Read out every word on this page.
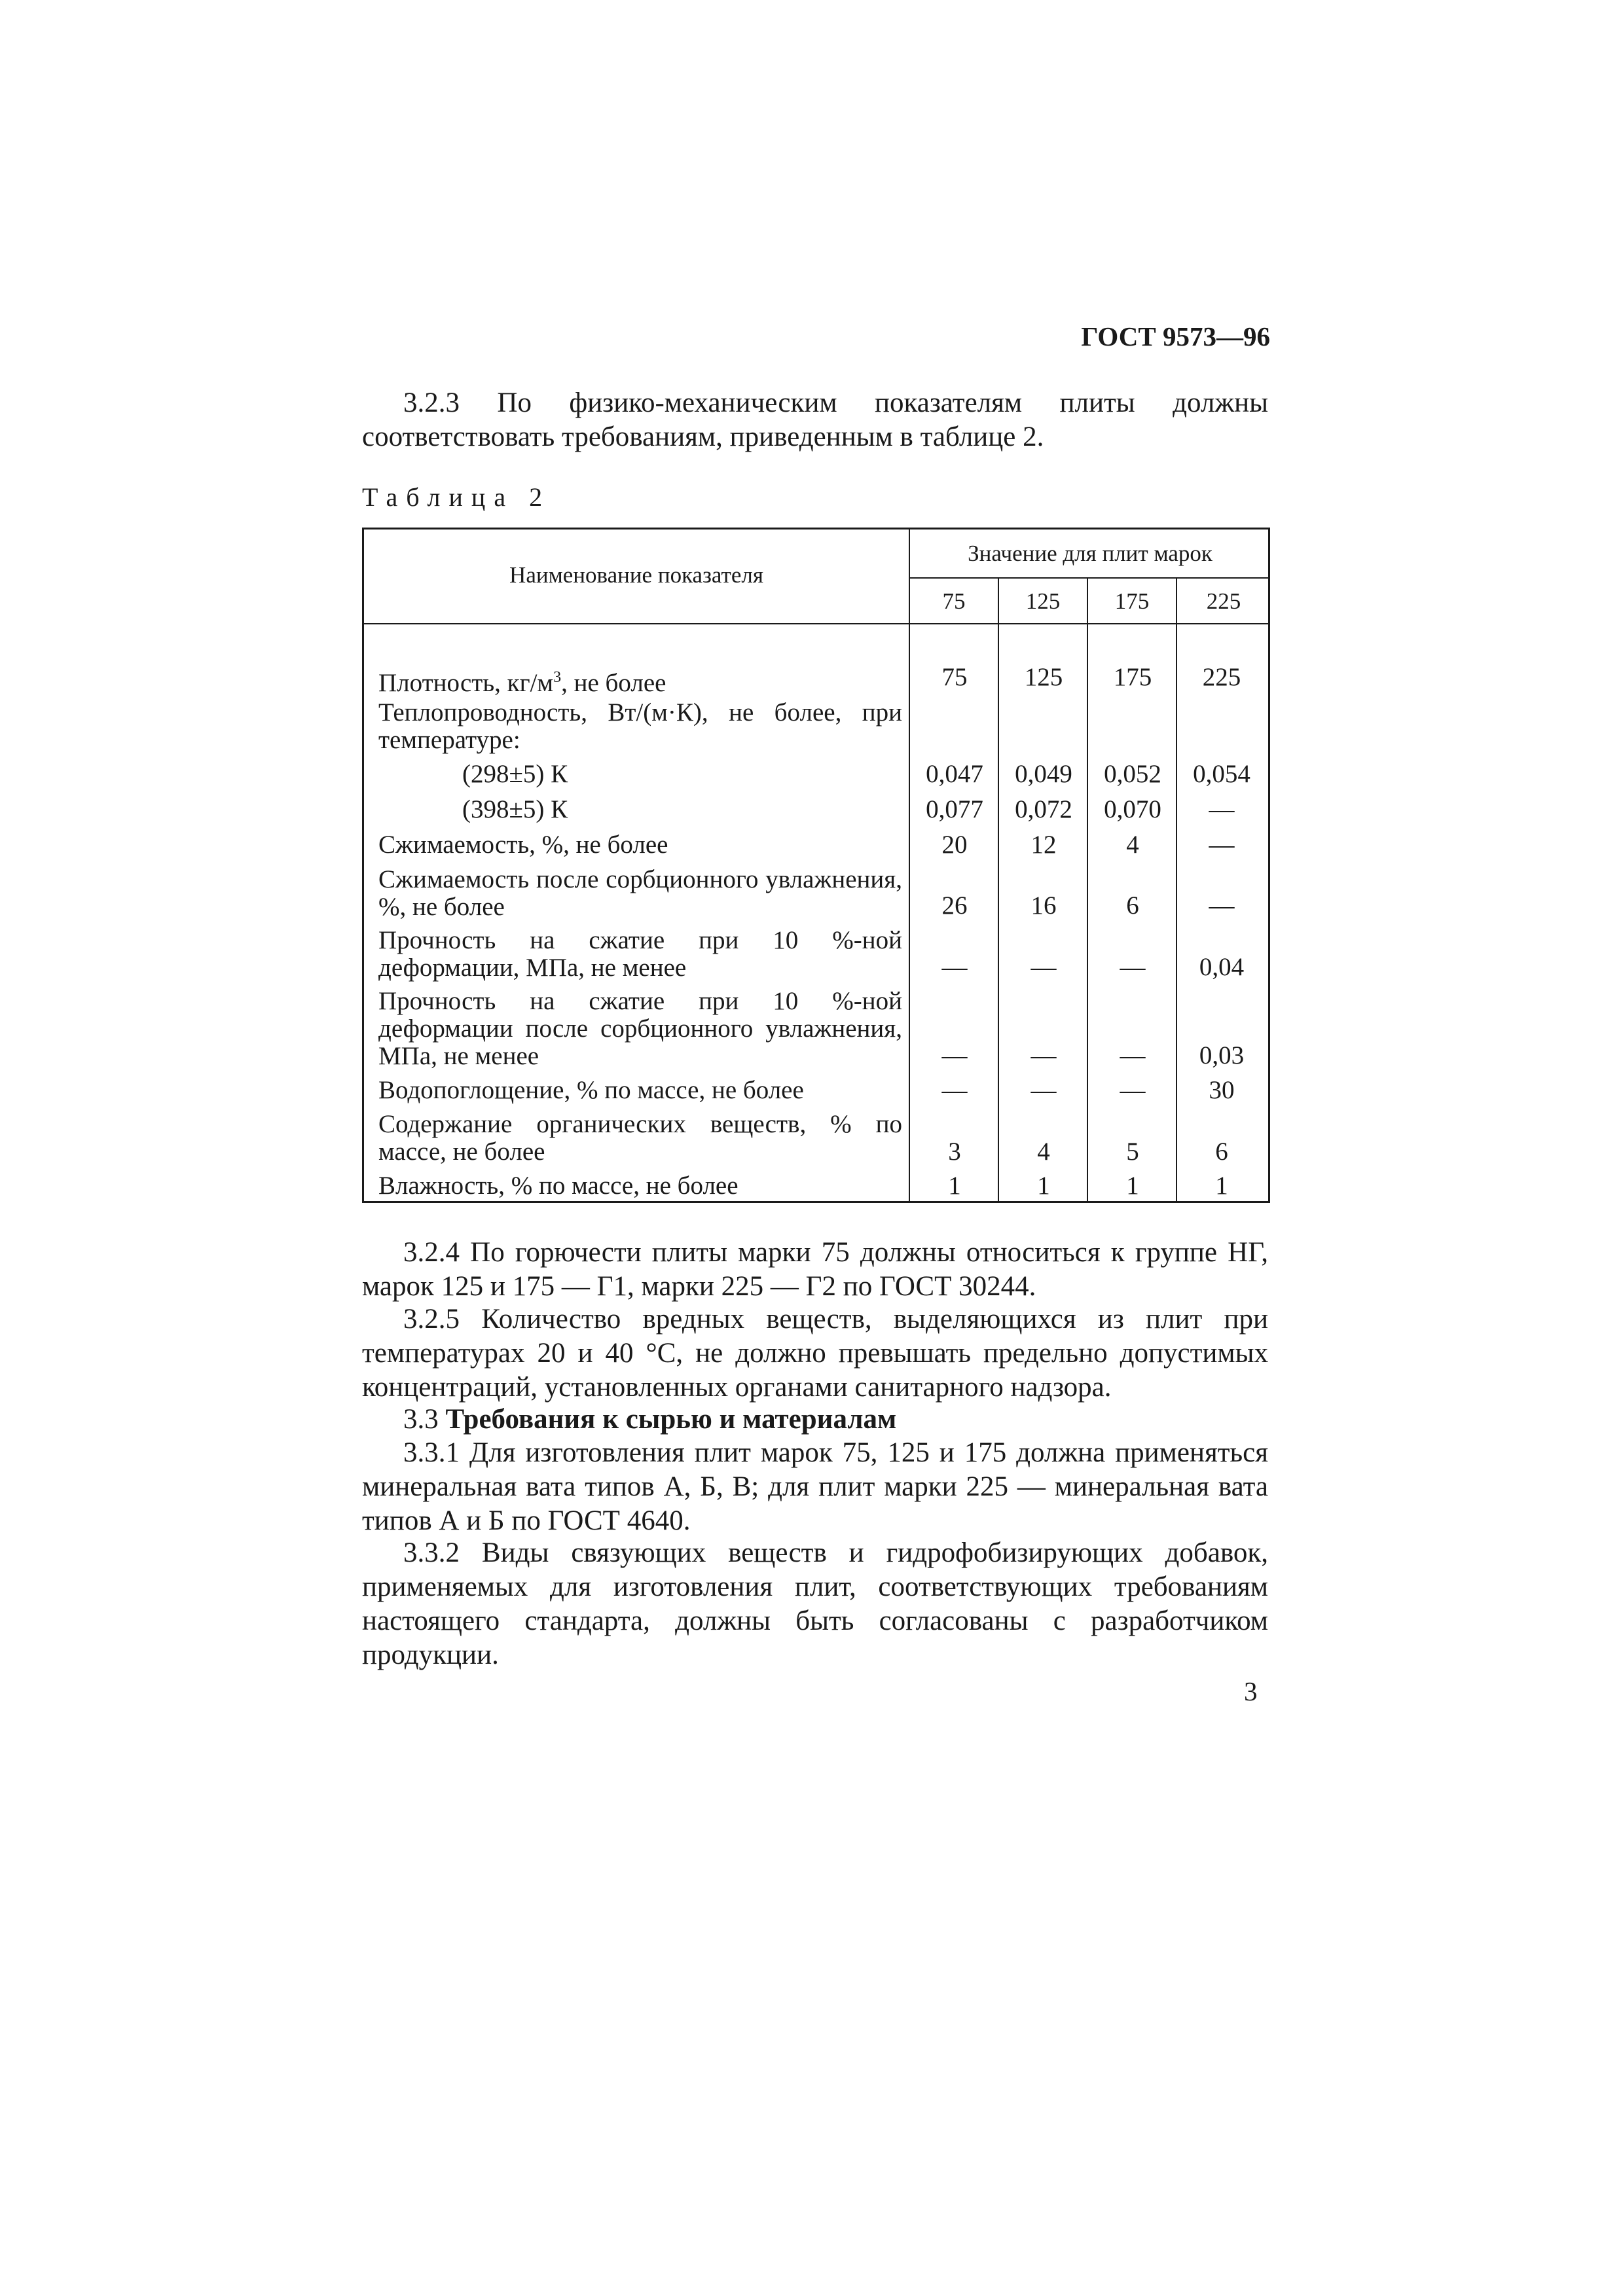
ГОСТ 9573—96
3.2.3 По физико-механическим показателям плиты должны соответствовать требованиям, приведенным в таблице 2.
Таблица 2
Наименование показателя
Значение для плит марок
75	125	175	225
Плотность, $кг/м^3$, не более	75	125	175	225
Теплопроводность, Вт/(м·К), не более, при температуре:
(298±5) К	0,047	0,049	0,052	0,054
(398±5) К	0,077	0,072	0,070	—
Сжимаемость, %, не более	20	12	4	—
Сжимаемость после сорбционного увлажнения, %, не более	26	16	6	—
Прочность на сжатие при 10 %-ной деформации, МПа, не менее	—	—	—	0,04
Прочность на сжатие при 10 %-ной деформации после сорбционного увлажнения, МПа, не менее	—	—	—	0,03
Водопоглощение, % по массе, не более	—	—	—	30
Содержание органических веществ, % по массе, не более	3	4	5	6
Влажность, % по массе, не более	1	1	1	1
3.2.4 По горючести плиты марки 75 должны относиться к группе НГ, марок 125 и 175 — Г1, марки 225 — Г2 по ГОСТ 30244.
3.2.5 Количество вредных веществ, выделяющихся из плит при температурах 20 и 40 °С, не должно превышать предельно допустимых концентраций, установленных органами санитарного надзора.
3.3 Требования к сырью и материалам
3.3.1 Для изготовления плит марок 75, 125 и 175 должна применяться минеральная вата типов А, Б, В; для плит марки 225 — минеральная вата типов А и Б по ГОСТ 4640.
3.3.2 Виды связующих веществ и гидрофобизирующих добавок, применяемых для изготовления плит, соответствующих требованиям настоящего стандарта, должны быть согласованы с разработчиком продукции.
3
